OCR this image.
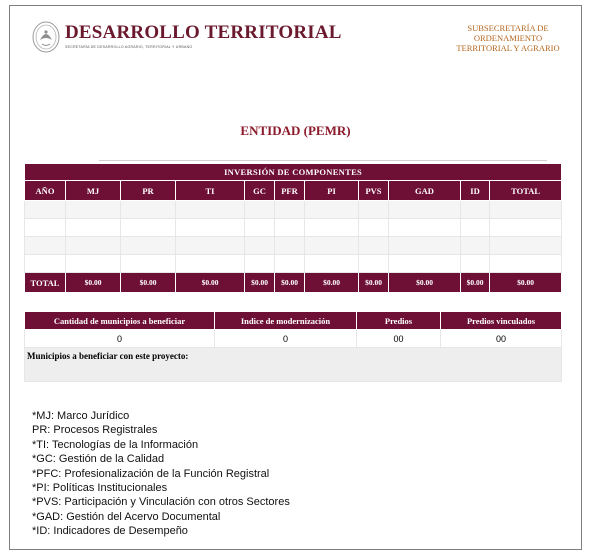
DESARROLLO TERRITORIAL
SECRETARÍA DE DESARROLLO AGRARIO, TERRITORIAL Y URBANO
SUBSECRETARÍA DE
ORDENAMIENTO
TERRITORIAL Y AGRARIO
ENTIDAD (PEMR)
INVERSIÓN DE COMPONENTES										
AÑO	MJ	PR	TI	GC	PFR	PI	PVS	GAD	ID	TOTAL

TOTAL	$0.00	$0.00	$0.00	$0.00	$0.00	$0.00	$0.00	$0.00	$0.00	$0.00
Cantidad de municipios a beneficiar	Indice de modernización	Predios	Predios vinculados
0	0	00	00
Municipios a beneficiar con este proyecto:			
*MJ: Marco Jurídico
PR: Procesos Registrales
*TI: Tecnologías de la Información
*GC: Gestión de la Calidad
*PFC: Profesionalización de la Función Registral
*PI: Políticas Institucionales
*PVS: Participación y Vinculación con otros Sectores
*GAD: Gestión del Acervo Documental
*ID: Indicadores de Desempeño
